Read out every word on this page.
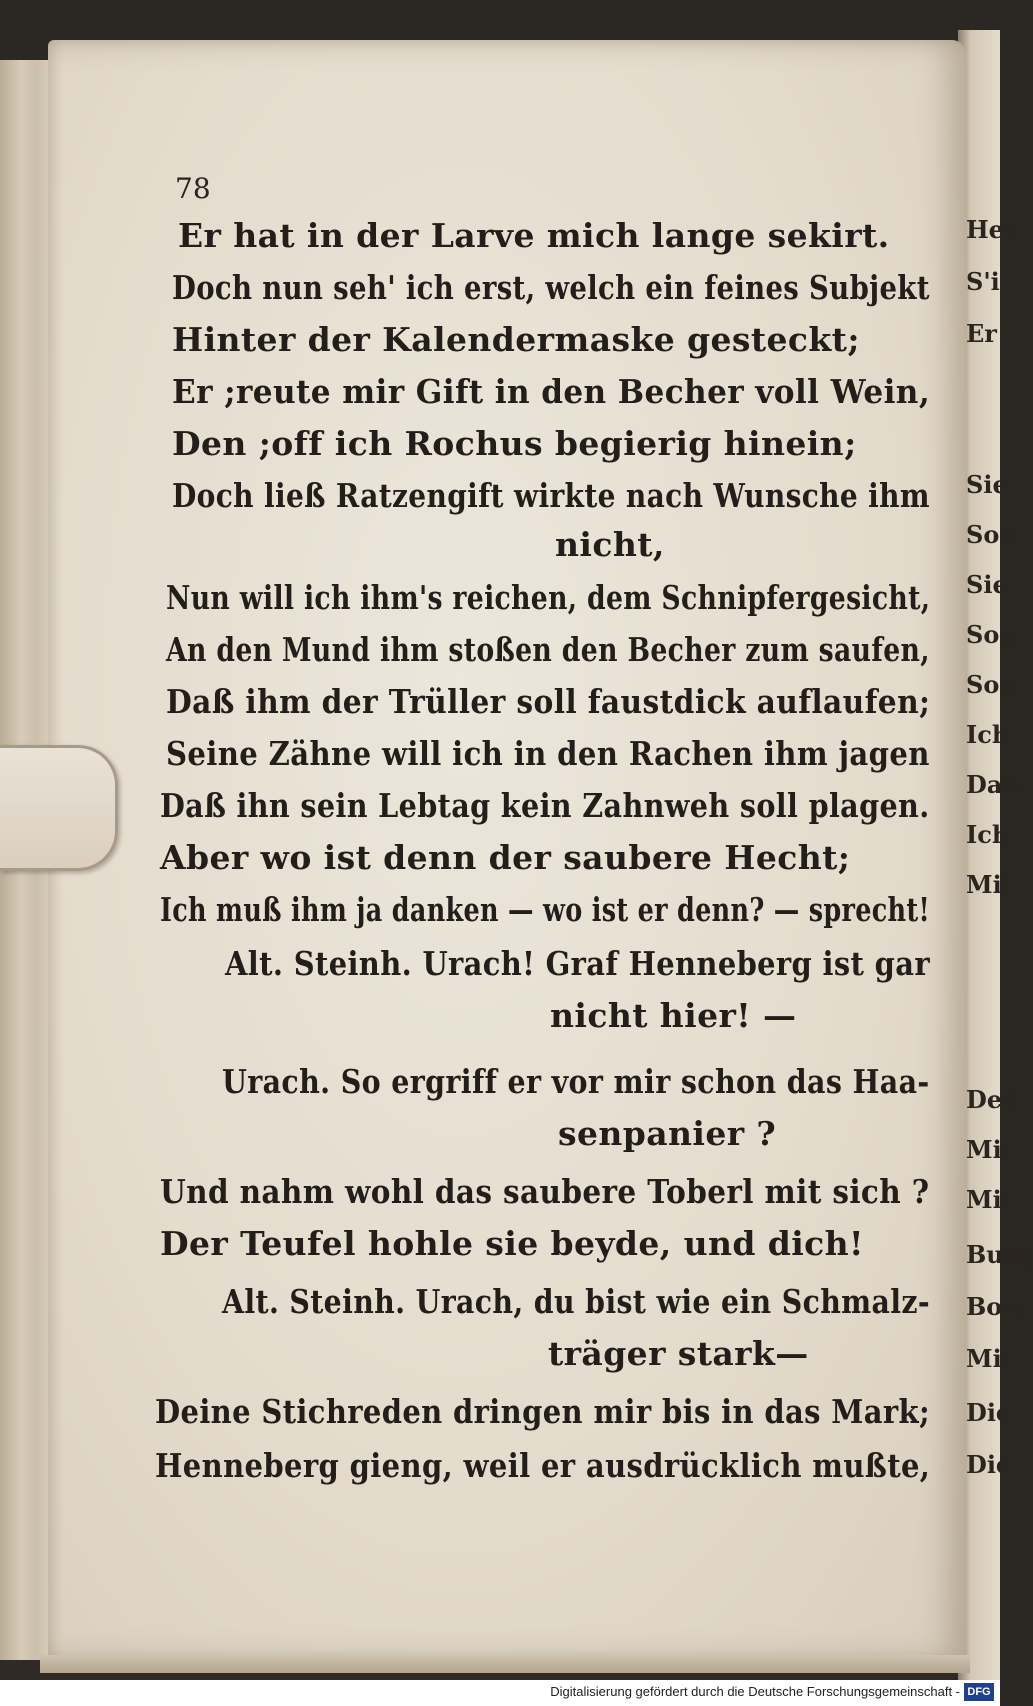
Her
S'i
Er
Sie
Sog
Sie
Sog
Sog
Ich
Daß
Ich
Mit
Deß
Mit
Mit
Burg
Bom
Mit
Die
Die
78
Er hat in der Larve mich lange sekirt.
Doch nun seh' ich erst, welch ein feines Subjekt
Hinter der Kalendermaske gesteckt;
Er ;reute mir Gift in den Becher voll Wein,
Den ;off ich Rochus begierig hinein;
Doch ließ Ratzengift wirkte nach Wunsche ihm
nicht,
Nun will ich ihm's reichen, dem Schnipfergesicht,
An den Mund ihm stoßen den Becher zum saufen,
Daß ihm der Trüller soll faustdick auflaufen;
Seine Zähne will ich in den Rachen ihm jagen
Daß ihn sein Lebtag kein Zahnweh soll plagen.
Aber wo ist denn der saubere Hecht;
Ich muß ihm ja danken — wo ist er denn? — sprecht!
Alt. Steinh. Urach! Graf Henneberg ist gar
nicht hier! —
Urach. So ergriff er vor mir schon das Haa-
senpanier ?
Und nahm wohl das saubere Toberl mit sich ?
Der Teufel hohle sie beyde, und dich!
Alt. Steinh. Urach, du bist wie ein Schmalz-
träger stark—
Deine Stichreden dringen mir bis in das Mark;
Henneberg gieng, weil er ausdrücklich mußte,
Digitalisierung gefördert durch die Deutsche Forschungsgemeinschaft - DFG
